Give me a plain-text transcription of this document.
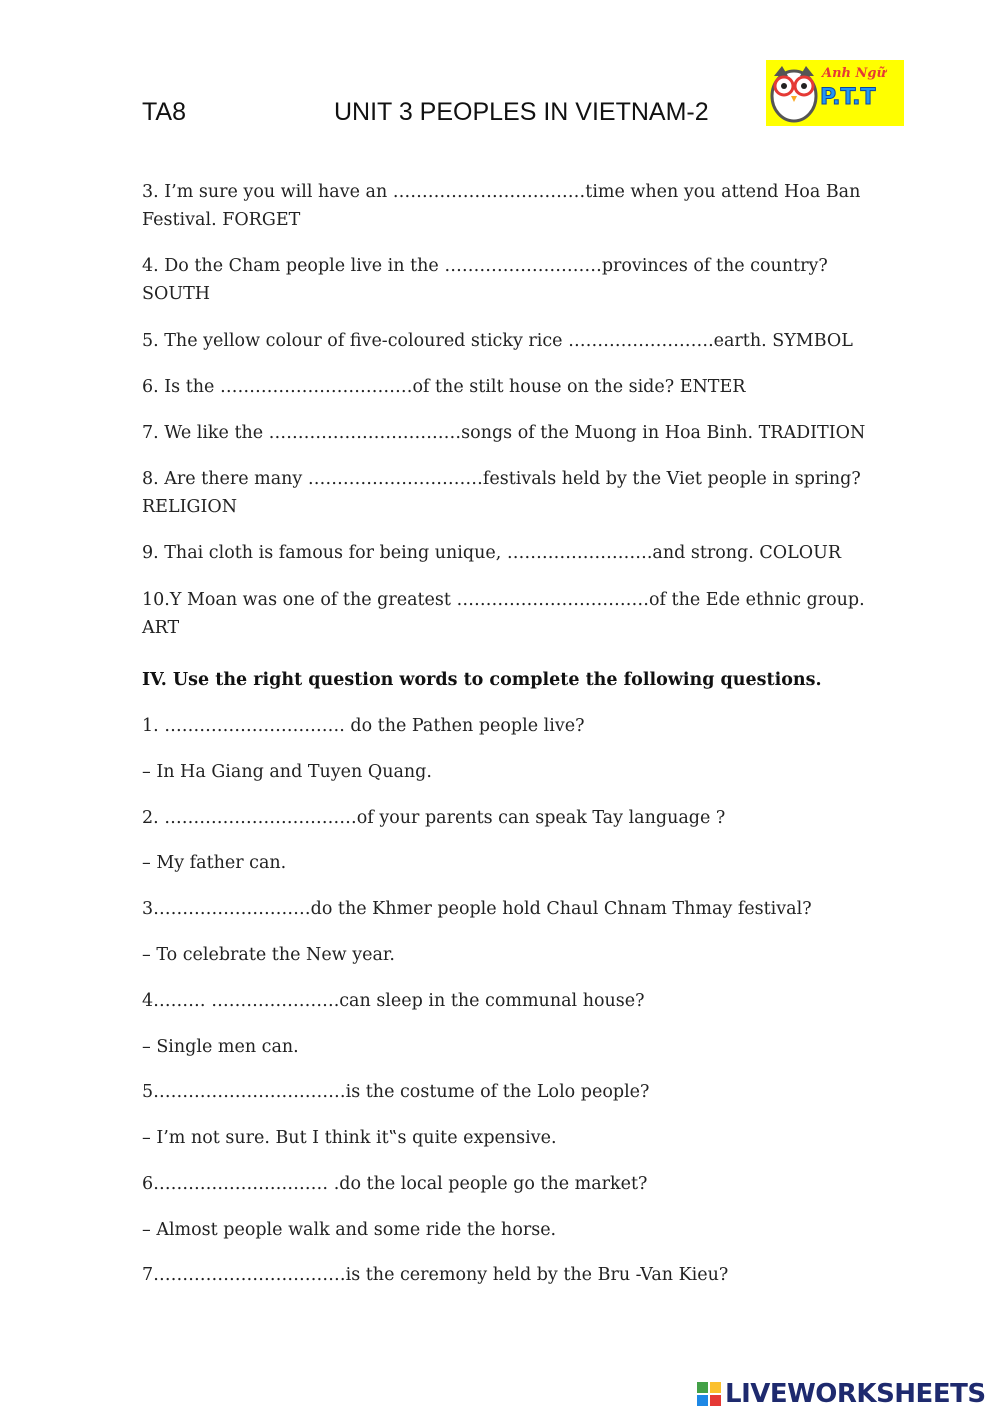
TA8	UNIT 3 PEOPLES IN VIETNAM-2
Anh Ngữ
P.T.T
3. I’m sure you will have an ……………………………time when you attend Hoa Ban
Festival. FORGET
4. Do the Cham people live in the ………………………provinces of the country?
SOUTH
5. The yellow colour of five-coloured sticky rice …………………….earth. SYMBOL
6. Is the ……………………………of the stilt house on the side? ENTER
7. We like the ……………………………songs of the Muong in Hoa Binh. TRADITION
8. Are there many …………………………festivals held by the Viet people in spring?
RELIGION
9. Thai cloth is famous for being unique, …………………….and strong. COLOUR
10.Y Moan was one of the greatest ……………………………of the Ede ethnic group.
ART
IV. Use the right question words to complete the following questions.
1. …………………………. do the Pathen people live?
– In Ha Giang and Tuyen Quang.
2. ……………………………of your parents can speak Tay language ?
– My father can.
3………………………do the Khmer people hold Chaul Chnam Thmay festival?
– To celebrate the New year.
4……… ………………….can sleep in the communal house?
– Single men can.
5……………………………is the costume of the Lolo people?
– I’m not sure. But I think it‟s quite expensive.
6………………………… .do the local people go the market?
– Almost people walk and some ride the horse.
7……………………………is the ceremony held by the Bru -Van Kieu?
LIVEWORKSHEETS
